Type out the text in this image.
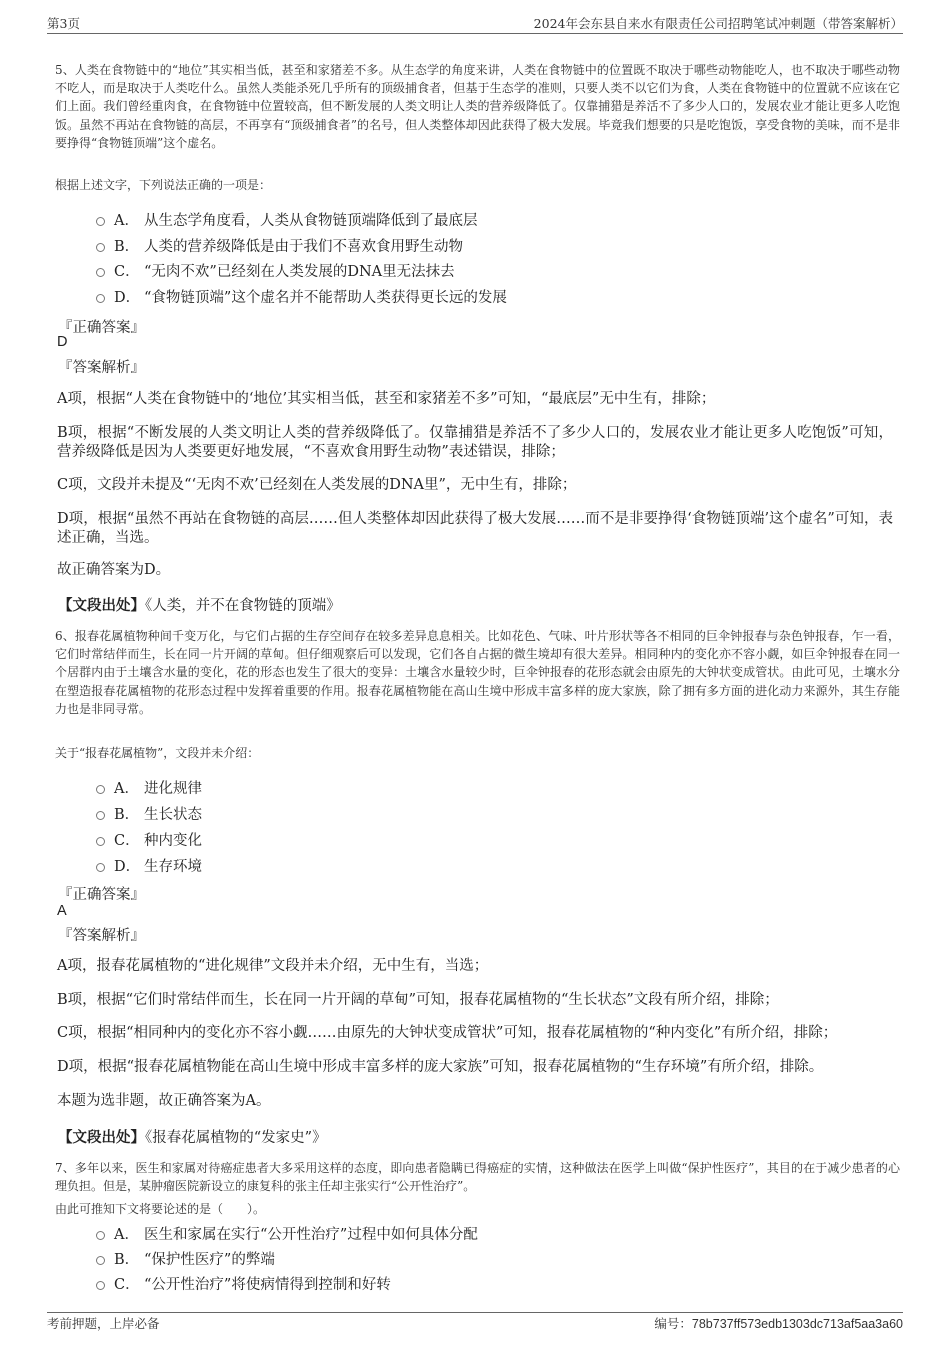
第3页	2024年会东县自来水有限责任公司招聘笔试冲刺题（带答案解析）
5、人类在食物链中的“地位”其实相当低，甚至和家猪差不多。从生态学的角度来讲，人类在食物链中的位置既不取决于哪些动物能吃人，也不取决于哪些动物不吃人，而是取决于人类吃什么。虽然人类能杀死几乎所有的顶级捕食者，但基于生态学的准则，只要人类不以它们为食，人类在食物链中的位置就不应该在它们上面。我们曾经重肉食，在食物链中位置较高，但不断发展的人类文明让人类的营养级降低了。仅靠捕猎是养活不了多少人口的，发展农业才能让更多人吃饱饭。虽然不再站在食物链的高层，不再享有“顶级捕食者”的名号，但人类整体却因此获得了极大发展。毕竟我们想要的只是吃饱饭，享受食物的美味，而不是非要挣得“食物链顶端”这个虚名。
根据上述文字，下列说法正确的一项是：
A． 从生态学角度看，人类从食物链顶端降低到了最底层
B． 人类的营养级降低是由于我们不喜欢食用野生动物
C． “无肉不欢”已经刻在人类发展的DNA里无法抹去
D． “食物链顶端”这个虚名并不能帮助人类获得更长远的发展
『正确答案』
D
『答案解析』
A项，根据“人类在食物链中的‘地位’其实相当低，甚至和家猪差不多”可知，“最底层”无中生有，排除；
B项，根据“不断发展的人类文明让人类的营养级降低了。仅靠捕猎是养活不了多少人口的，发展农业才能让更多人吃饱饭”可知，营养级降低是因为人类要更好地发展，“不喜欢食用野生动物”表述错误，排除；
C项，文段并未提及“‘无肉不欢’已经刻在人类发展的DNA里”，无中生有，排除；
D项，根据“虽然不再站在食物链的高层……但人类整体却因此获得了极大发展……而不是非要挣得‘食物链顶端’这个虚名”可知，表述正确，当选。
故正确答案为D。
【文段出处】《人类，并不在食物链的顶端》
6、报春花属植物种间千变万化，与它们占据的生存空间存在较多差异息息相关。比如花色、气味、叶片形状等各不相同的巨伞钟报春与杂色钟报春，乍一看，它们时常结伴而生，长在同一片开阔的草甸。但仔细观察后可以发现，它们各自占据的微生境却有很大差异。相同种内的变化亦不容小觑，如巨伞钟报春在同一个居群内由于土壤含水量的变化，花的形态也发生了很大的变异：土壤含水量较少时，巨伞钟报春的花形态就会由原先的大钟状变成管状。由此可见，土壤水分在塑造报春花属植物的花形态过程中发挥着重要的作用。报春花属植物能在高山生境中形成丰富多样的庞大家族，除了拥有多方面的进化动力来源外，其生存能力也是非同寻常。
关于“报春花属植物”，文段并未介绍：
A． 进化规律
B． 生长状态
C． 种内变化
D． 生存环境
『正确答案』
A
『答案解析』
A项，报春花属植物的“进化规律”文段并未介绍，无中生有，当选；
B项，根据“它们时常结伴而生，长在同一片开阔的草甸”可知，报春花属植物的“生长状态”文段有所介绍，排除；
C项，根据“相同种内的变化亦不容小觑……由原先的大钟状变成管状”可知，报春花属植物的“种内变化”有所介绍，排除；
D项，根据“报春花属植物能在高山生境中形成丰富多样的庞大家族”可知，报春花属植物的“生存环境”有所介绍，排除。
本题为选非题，故正确答案为A。
【文段出处】《报春花属植物的“发家史”》
7、多年以来，医生和家属对待癌症患者大多采用这样的态度，即向患者隐瞒已得癌症的实情，这种做法在医学上叫做“保护性医疗”，其目的在于减少患者的心理负担。但是，某肿瘤医院新设立的康复科的张主任却主张实行“公开性治疗”。
由此可推知下文将要论述的是（　　）。
A． 医生和家属在实行“公开性治疗”过程中如何具体分配
B． “保护性医疗”的弊端
C． “公开性治疗”将使病情得到控制和好转
考前押题，上岸必备	编号：78b737ff573edb1303dc713af5aa3a60
